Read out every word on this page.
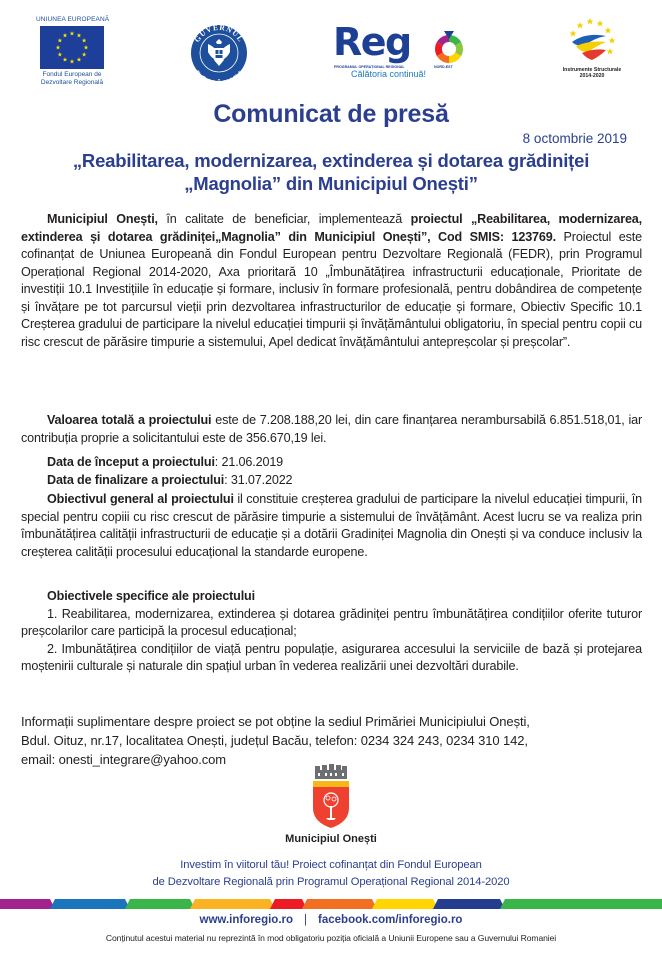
UNIUNEA EUROPEANĂ
Fondul European de
Dezvoltare Regională
GUVERNUL
RO IEI
Reg
PROGRAMUL OPERAȚIONAL REGIONAL	NORD-EST
Călătoria continuă!	Instrumente Structurale
2014-2020
Comunicat de presă
8 octombrie 2019
„Reabilitarea, modernizarea, extinderea și dotarea grădiniței
„Magnolia” din Municipiul Onești”

Municipiul Onești, în calitate de beneficiar, implementează proiectul „Reabilitarea, modernizarea, extinderea și dotarea grădiniței„Magnolia” din Municipiul Onești”, Cod SMIS: 123769. Proiectul este cofinanțat de Uniunea Europeană din Fondul European pentru Dezvoltare Regională (FEDR), prin Programul Operațional Regional 2014-2020, Axa prioritară 10 „Îmbunătățirea infrastructurii educaționale, Prioritate de investiții 10.1 Investițiile în educație și formare, inclusiv în formare profesională, pentru dobândirea de competențe și învățare pe tot parcursul vieții prin dezvoltarea infrastructurilor de educație și formare, Obiectiv Specific 10.1 Creșterea gradului de participare la nivelul educației timpurii și învățământului obligatoriu, în special pentru copii cu risc crescut de părăsire timpurie a sistemului, Apel dedicat învățământului antepreșcolar și preșcolar”.

Valoarea totală a proiectului este de 7.208.188,20 lei, din care finanțarea nerambursabilă 6.851.518,01, iar contribuția proprie a solicitantului este de 356.670,19 lei.

Data de început a proiectului: 21.06.2019

Data de finalizare a proiectului: 31.07.2022

Obiectivul general al proiectului il constituie creșterea gradului de participare la nivelul educației timpurii, în special pentru copiii cu risc crescut de părăsire timpurie a sistemului de învățământ. Acest lucru se va realiza prin îmbunătățirea calității infrastructurii de educație și a dotării Gradiniței Magnolia din Onești și va conduce inclusiv la creșterea calității procesului educațional la standarde europene.

Obiectivele specifice ale proiectului

1. Reabilitarea, modernizarea, extinderea și dotarea grădiniței pentru îmbunătățirea condițiilor oferite tuturor preșcolarilor care participă la procesul educațional;

2. Imbunătățirea condițiilor de viață pentru populație, asigurarea accesului la serviciile de bază și protejarea moștenirii culturale și naturale din spațiul urban în vederea realizării unei dezvoltări durabile.

Informații suplimentare despre proiect se pot obține la sediul Primăriei Municipiului Onești,
Bdul. Oituz, nr.17, localitatea Onești, județul Bacău, telefon: 0234 324 243, 0234 310 142,
email: onesti_integrare@yahoo.com
Municipiul Onești
Investim în viitorul tău! Proiect cofinanțat din Fondul European
de Dezvoltare Regională prin Programul Operațional Regional 2014-2020
www.inforegio.ro | facebook.com/inforegio.ro
Conținutul acestui material nu reprezintă în mod obligatoriu poziția oficială a Uniunii Europene sau a Guvernului Romaniei
